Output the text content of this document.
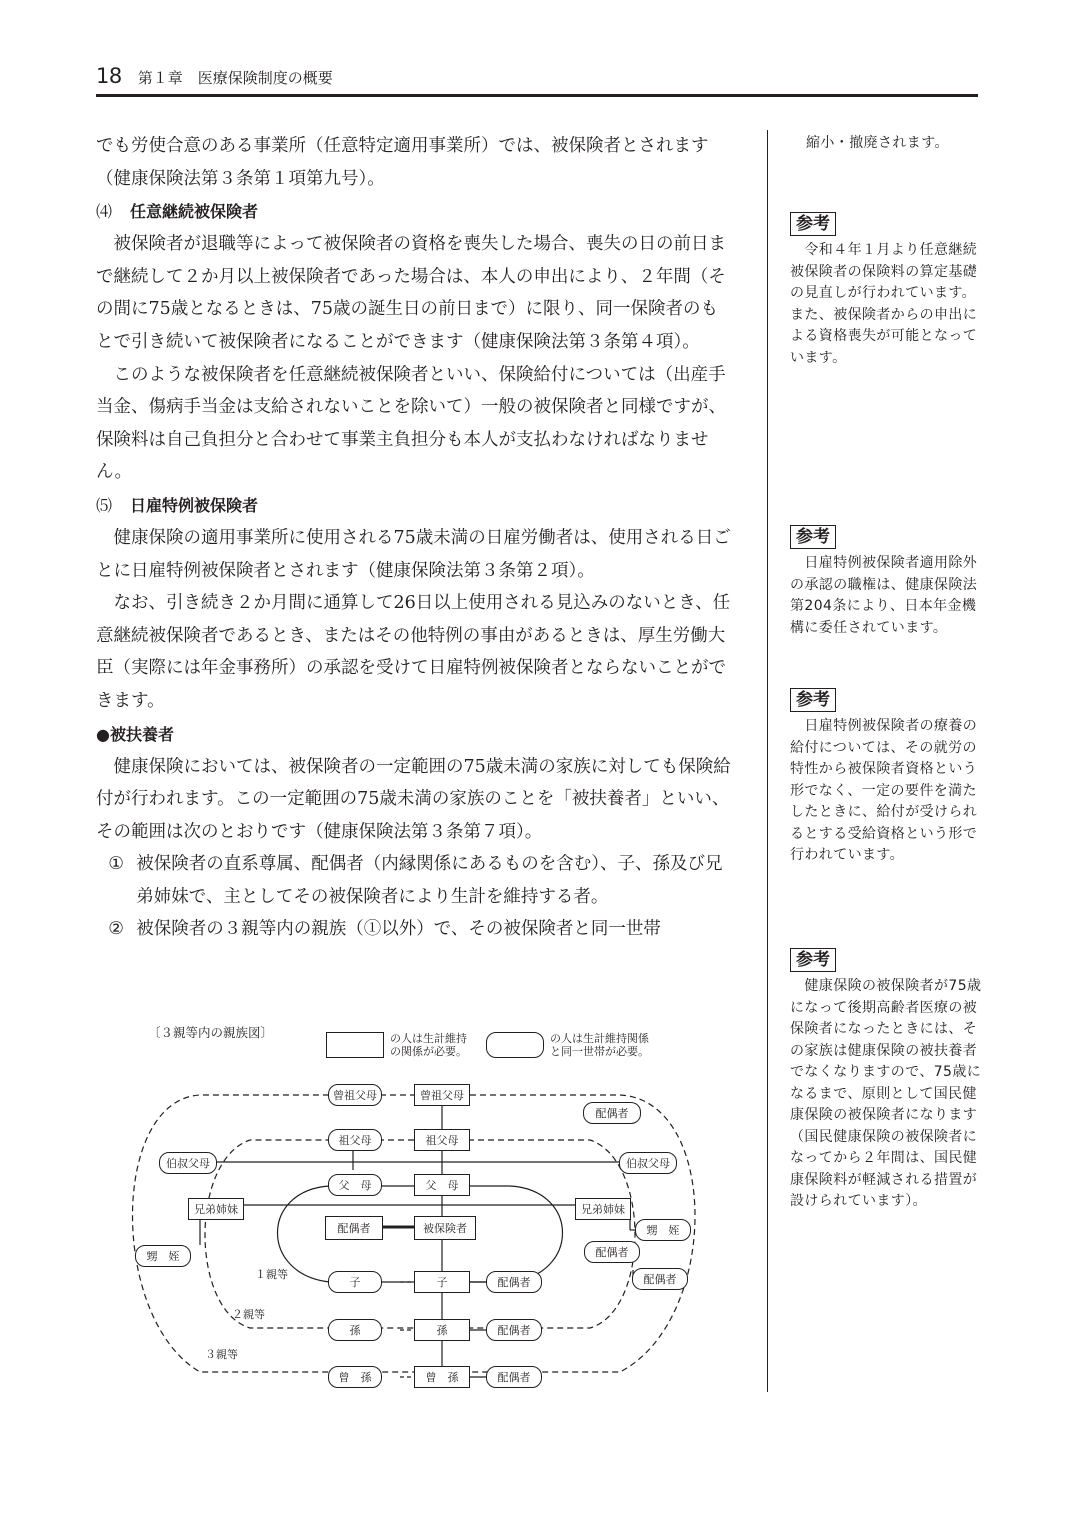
18 第１章　医療保険制度の概要

でも労使合意のある事業所（任意特定適用事業所）では、被保険者とされます（健康保険法第３条第１項第九号）。

⑷ 任意継続被保険者

被保険者が退職等によって被保険者の資格を喪失した場合、喪失の日の前日まで継続して２か月以上被保険者であった場合は、本人の申出により、２年間（その間に75歳となるときは、75歳の誕生日の前日まで）に限り、同一保険者のもとで引き続いて被保険者になることができます（健康保険法第３条第４項）。

このような被保険者を任意継続被保険者といい、保険給付については（出産手当金、傷病手当金は支給されないことを除いて）一般の被保険者と同様ですが、保険料は自己負担分と合わせて事業主負担分も本人が支払わなければなりません。

⑸ 日雇特例被保険者

健康保険の適用事業所に使用される75歳未満の日雇労働者は、使用される日ごとに日雇特例被保険者とされます（健康保険法第３条第２項）。

なお、引き続き２か月間に通算して26日以上使用される見込みのないとき、任意継続被保険者であるとき、またはその他特例の事由があるときは、厚生労働大臣（実際には年金事務所）の承認を受けて日雇特例被保険者とならないことができます。

●被扶養者

健康保険においては、被保険者の一定範囲の75歳未満の家族に対しても保険給付が行われます。この一定範囲の75歳未満の家族のことを「被扶養者」といい、その範囲は次のとおりです（健康保険法第３条第７項）。

① 被保険者の直系尊属、配偶者（内縁関係にあるものを含む）、子、孫及び兄弟姉妹で、主としてその被保険者により生計を維持する者。

② 被保険者の３親等内の親族（①以外）で、その被保険者と同一世帯

縮小・撤廃されます。

参考

　令和４年１月より任意継続被保険者の保険料の算定基礎の見直しが行われています。また、被保険者からの申出による資格喪失が可能となっています。

参考

　日雇特例被保険者適用除外の承認の職権は、健康保険法第204条により、日本年金機構に委任されています。

参考

　日雇特例被保険者の療養の給付については、その就労の特性から被保険者資格という形でなく、一定の要件を満たしたときに、給付が受けられるとする受給資格という形で行われています。

参考

　健康保険の被保険者が75歳になって後期高齢者医療の被保険者になったときには、その家族は健康保険の被扶養者でなくなりますので、75歳になるまで、原則として国民健康保険の被保険者になります（国民健康保険の被保険者になってから２年間は、国民健康保険料が軽減される措置が設けられています）。

〔３親等内の親族図〕	の人は生計維持
の関係が必要。
の人は生計維持関係
と同一世帯が必要。
１親等
２親等
３親等
曾祖父母	曾祖父母
配偶者
祖父母	祖父母
伯叔父母	伯叔父母
父　母	父　母
兄弟姉妹	兄弟姉妹
甥　姪
甥　姪
配偶者
配偶者
配偶者	被保険者
子	子	配偶者
孫	孫	配偶者
曾　孫	曾　孫	配偶者
